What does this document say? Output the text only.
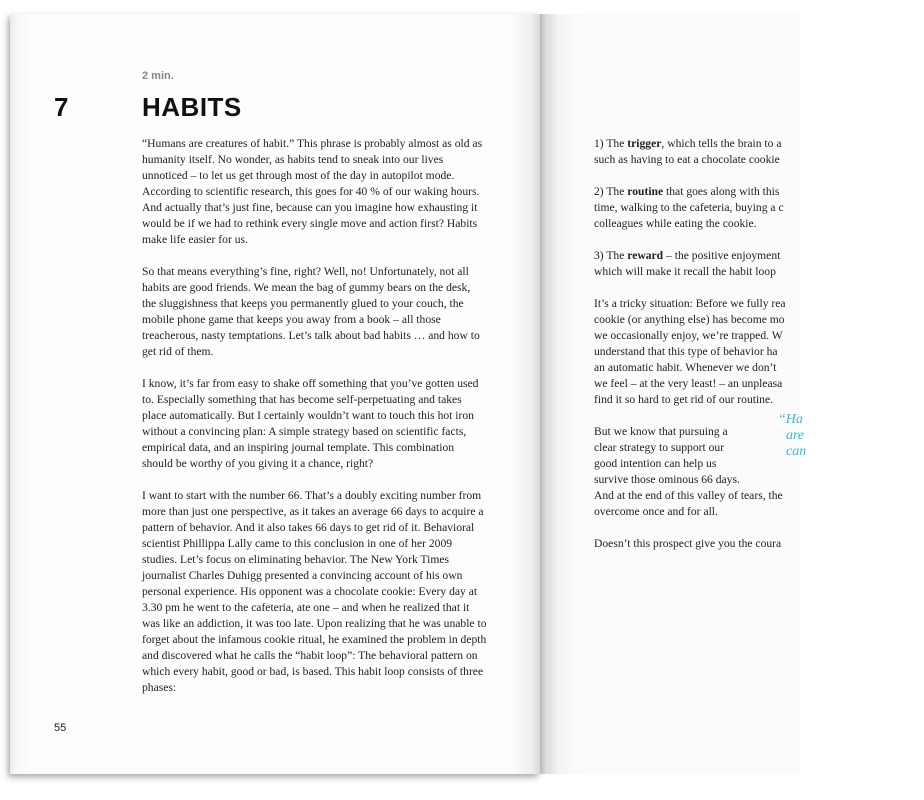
2 min.
7	HABITS

“Humans are creatures of habit.” This phrase is probably almost as old as humanity itself. No wonder, as habits tend to sneak into our lives unnoticed – to let us get through most of the day in autopilot mode. According to scientific research, this goes for 40 % of our waking hours. And actually that’s just fine, because can you imagine how exhausting it would be if we had to rethink every single move and action first? Habits make life easier for us.

So that means everything’s fine, right? Well, no! Unfortunately, not all habits are good friends. We mean the bag of gummy bears on the desk, the sluggishness that keeps you permanently glued to your couch, the mobile phone game that keeps you away from a book – all those treacherous, nasty temptations. Let’s talk about bad habits … and how to get rid of them.

I know, it’s far from easy to shake off something that you’ve gotten used to. Especially something that has become self-perpetuating and takes place automatically. But I certainly wouldn’t want to touch this hot iron without a convincing plan: A simple strategy based on scientific facts, empirical data, and an inspiring journal template. This combination should be worthy of you giving it a chance, right?

I want to start with the number 66. That’s a doubly exciting number from more than just one perspective, as it takes an average 66 days to acquire a pattern of behavior. And it also takes 66 days to get rid of it. Behavioral scientist Phillippa Lally came to this conclusion in one of her 2009 studies. Let’s focus on eliminating behavior. The New York Times journalist Charles Duhigg presented a convincing account of his own personal experience. His opponent was a chocolate cookie: Every day at 3.30 pm he went to the cafeteria, ate one – and when he realized that it was like an addiction, it was too late. Upon realizing that he was unable to forget about the infamous cookie ritual, he examined the problem in depth and discovered what he calls the “habit loop”: The behavioral pattern on which every habit, good or bad, is based. This habit loop consists of three phases:

55

1) The trigger, which tells the brain to a
such as having to eat a chocolate cookie

2) The routine that goes along with this
time, walking to the cafeteria, buying a c
colleagues while eating the cookie.

3) The reward – the positive enjoyment
which will make it recall the habit loop

It’s a tricky situation: Before we fully rea
cookie (or anything else) has become mo
we occasionally enjoy, we’re trapped. W
understand that this type of behavior ha
an automatic habit. Whenever we don’t
we feel – at the very least! – an unpleasa
find it so hard to get rid of our routine.

But we know that pursuing a
clear strategy to support our
good intention can help us
survive those ominous 66 days.
And at the end of this valley of tears, the
overcome once and for all.

Doesn’t this prospect give you the coura

“Ha
are
can
